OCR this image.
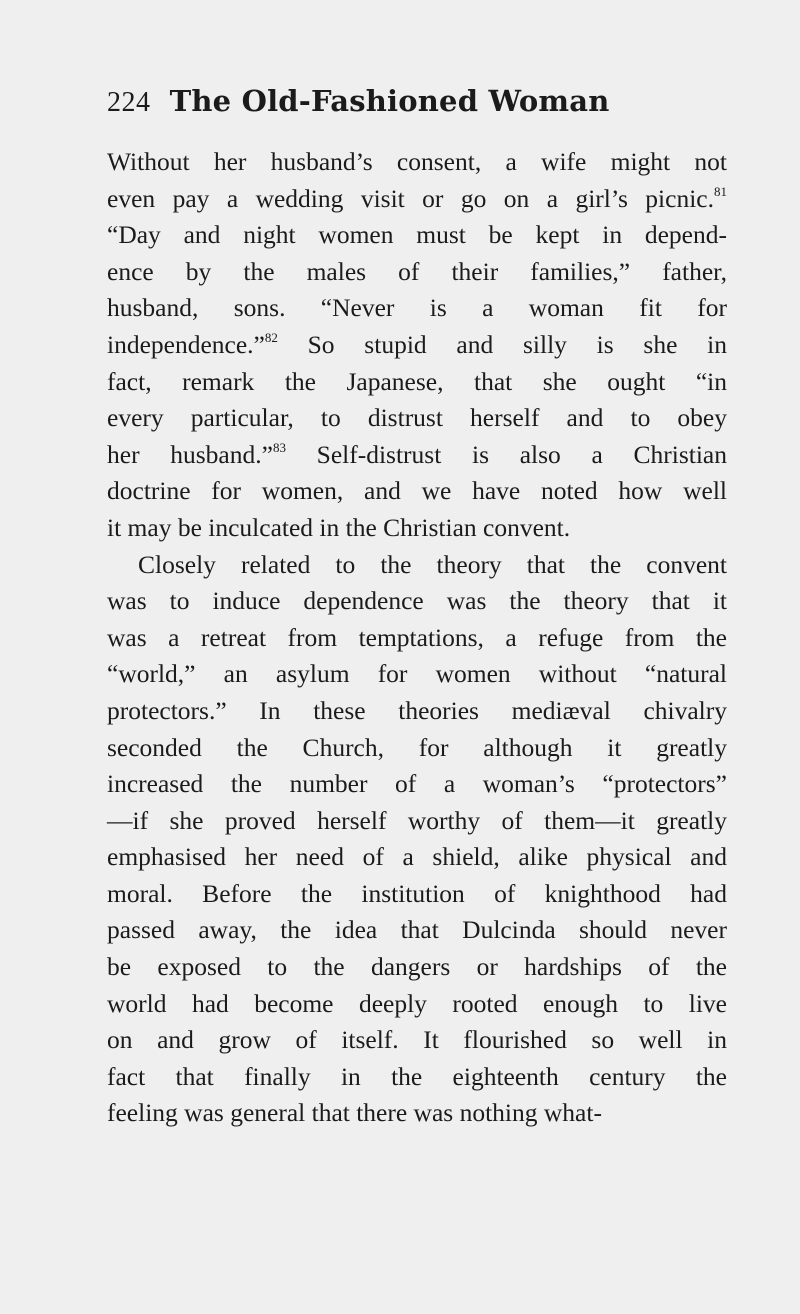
224 The Old-Fashioned Woman
Without her husband’s consent, a wife might not
even pay a wedding visit or go on a girl’s picnic.$^{81}$
“Day and night women must be kept in depend-
ence by the males of their families,” father,
husband, sons. “Never is a woman fit for
independence.”$^{82}$ So stupid and silly is she in
fact, remark the Japanese, that she ought “in
every particular, to distrust herself and to obey
her husband.”$^{83}$ Self-distrust is also a Christian
doctrine for women, and we have noted how well
it may be inculcated in the Christian convent.
Closely related to the theory that the convent
was to induce dependence was the theory that it
was a retreat from temptations, a refuge from the
“world,” an asylum for women without “natural
protectors.” In these theories mediæval chivalry
seconded the Church, for although it greatly
increased the number of a woman’s “protectors”
—if she proved herself worthy of them—it greatly
emphasised her need of a shield, alike physical and
moral. Before the institution of knighthood had
passed away, the idea that Dulcinda should never
be exposed to the dangers or hardships of the
world had become deeply rooted enough to live
on and grow of itself. It flourished so well in
fact that finally in the eighteenth century the
feeling was general that there was nothing what-
